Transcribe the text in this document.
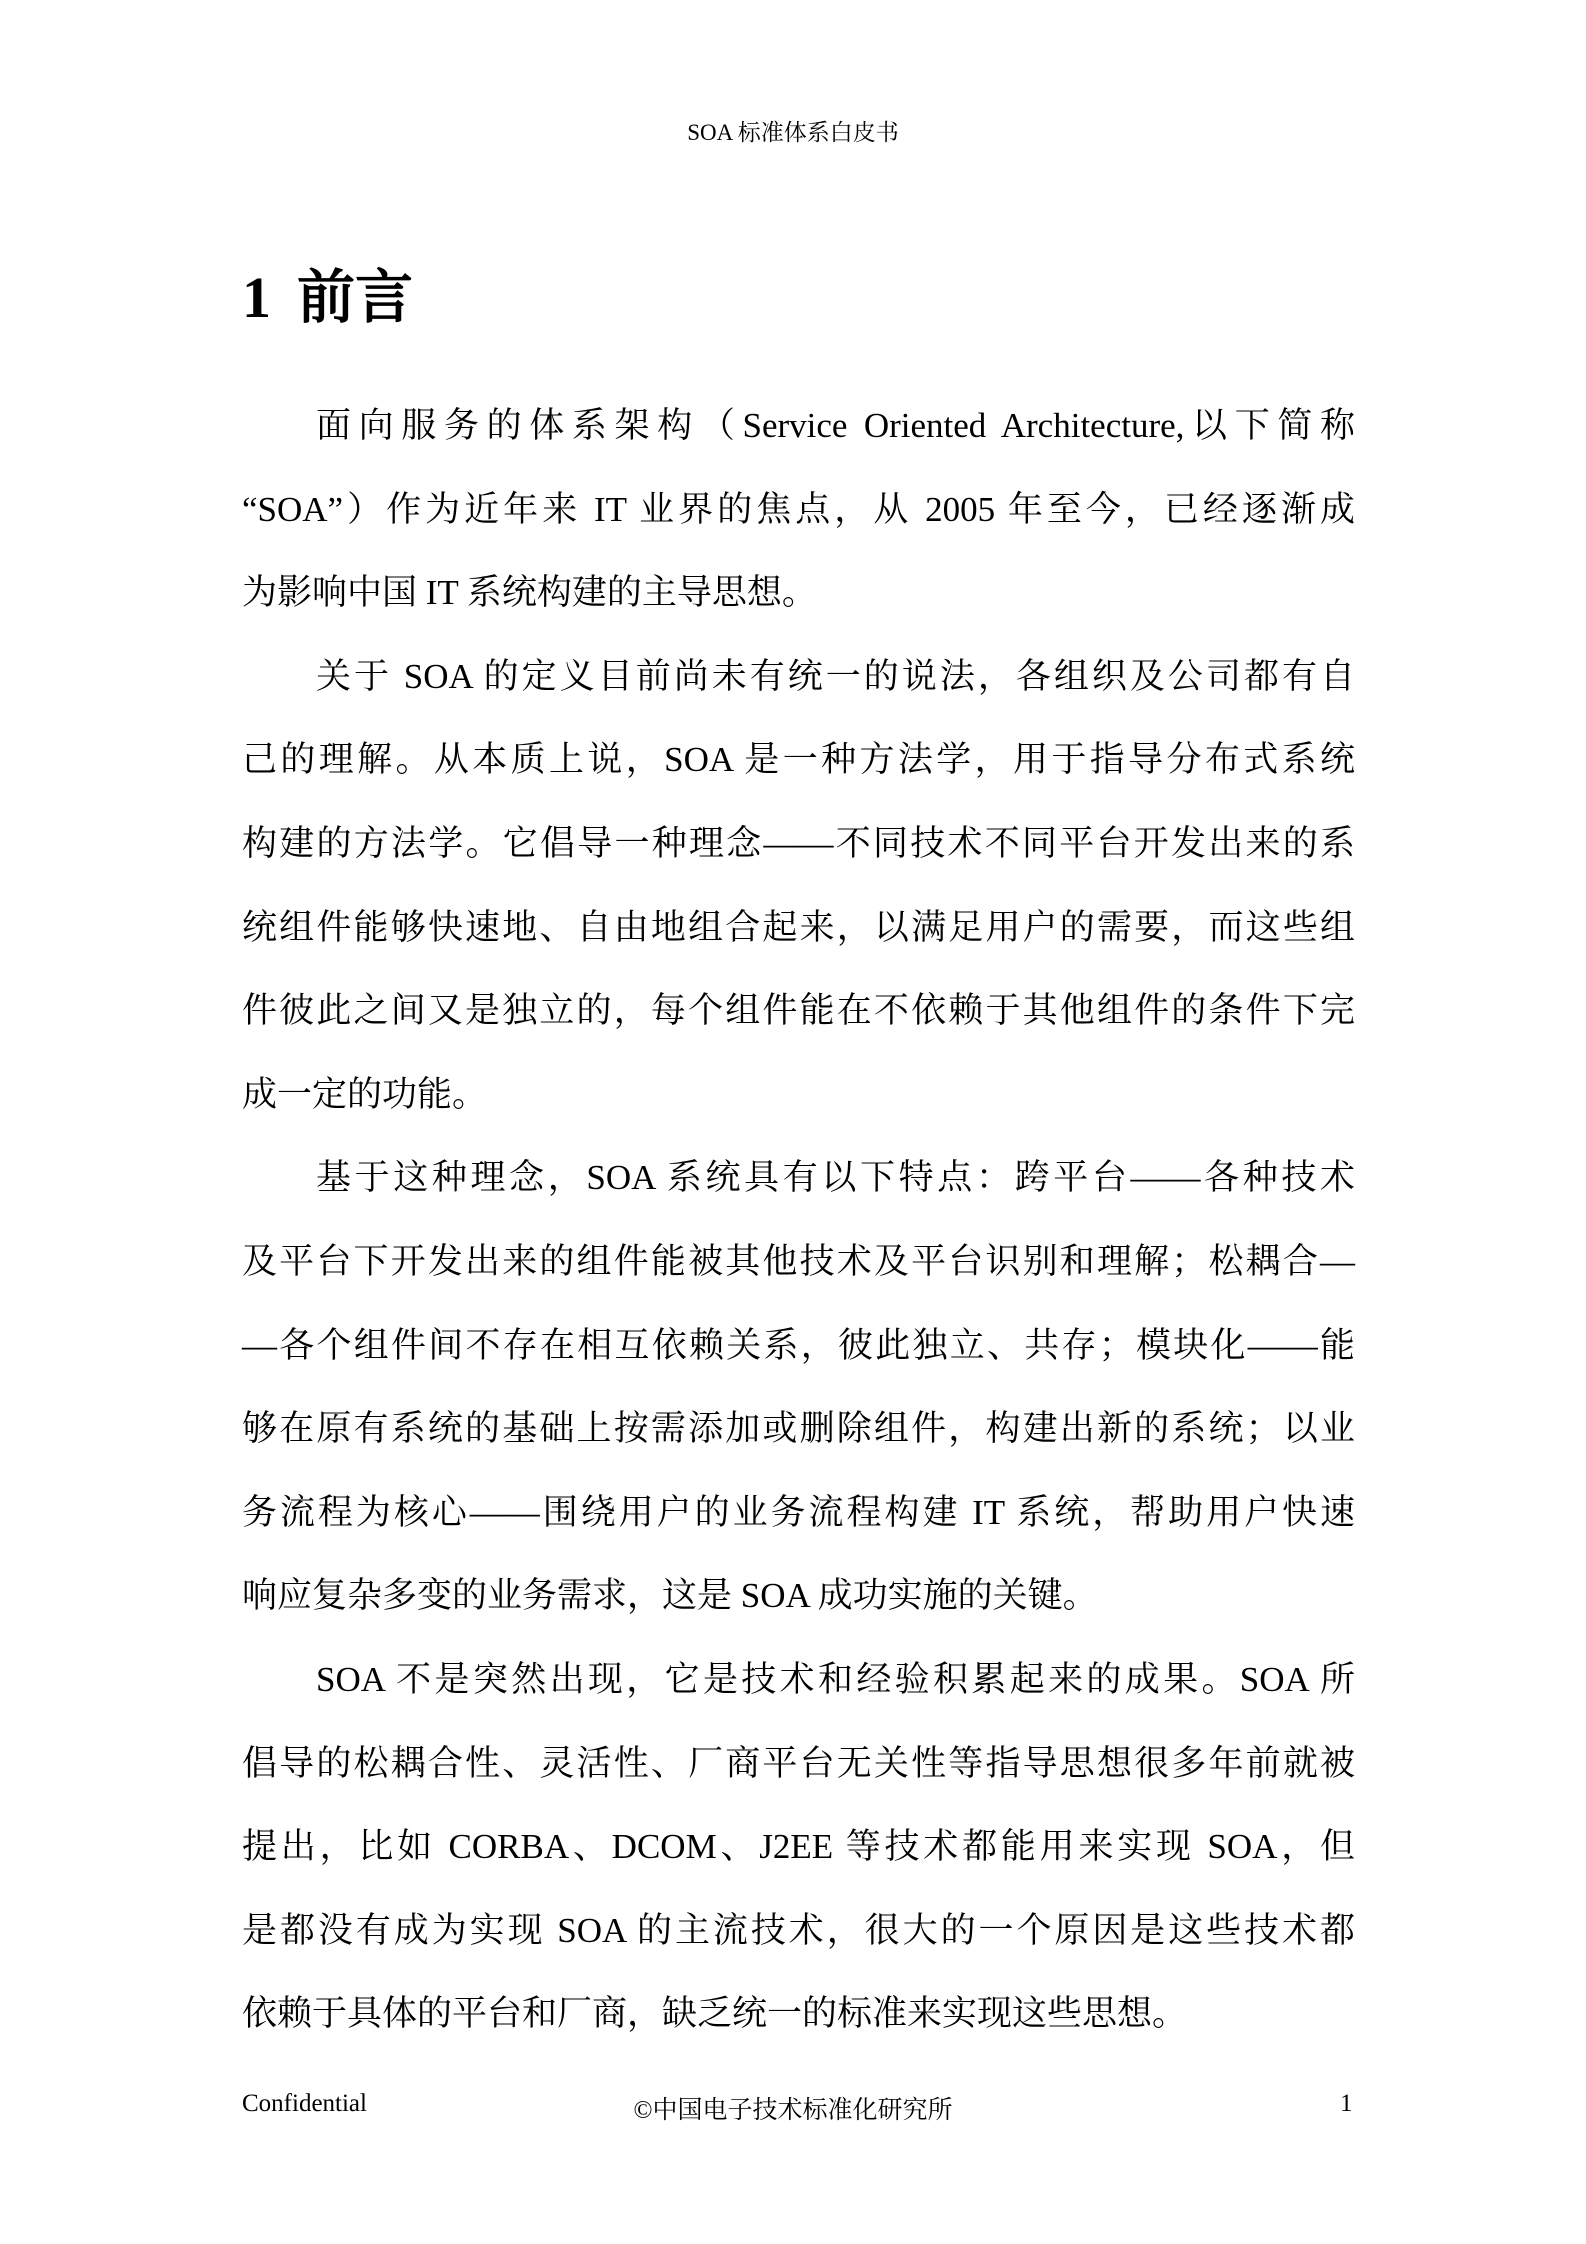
SOA 标准体系白皮书
1 前言
面向服务的体系架构（Service Oriented Architecture,以下简称
“SOA”）作为近年来 IT 业界的焦点，从 2005 年至今，已经逐渐成
为影响中国 IT 系统构建的主导思想。
关于 SOA 的定义目前尚未有统一的说法，各组织及公司都有自
己的理解。从本质上说，SOA 是一种方法学，用于指导分布式系统
构建的方法学。它倡导一种理念——不同技术不同平台开发出来的系
统组件能够快速地、自由地组合起来，以满足用户的需要，而这些组
件彼此之间又是独立的，每个组件能在不依赖于其他组件的条件下完
成一定的功能。
基于这种理念，SOA 系统具有以下特点：跨平台——各种技术
及平台下开发出来的组件能被其他技术及平台识别和理解；松耦合—
—各个组件间不存在相互依赖关系，彼此独立、共存；模块化——能
够在原有系统的基础上按需添加或删除组件，构建出新的系统；以业
务流程为核心——围绕用户的业务流程构建 IT 系统，帮助用户快速
响应复杂多变的业务需求，这是 SOA 成功实施的关键。
SOA 不是突然出现，它是技术和经验积累起来的成果。SOA 所
倡导的松耦合性、灵活性、厂商平台无关性等指导思想很多年前就被
提出，比如 CORBA、DCOM、J2EE 等技术都能用来实现 SOA，但
是都没有成为实现 SOA 的主流技术，很大的一个原因是这些技术都
依赖于具体的平台和厂商，缺乏统一的标准来实现这些思想。
Confidential	©中国电子技术标准化研究所	1
